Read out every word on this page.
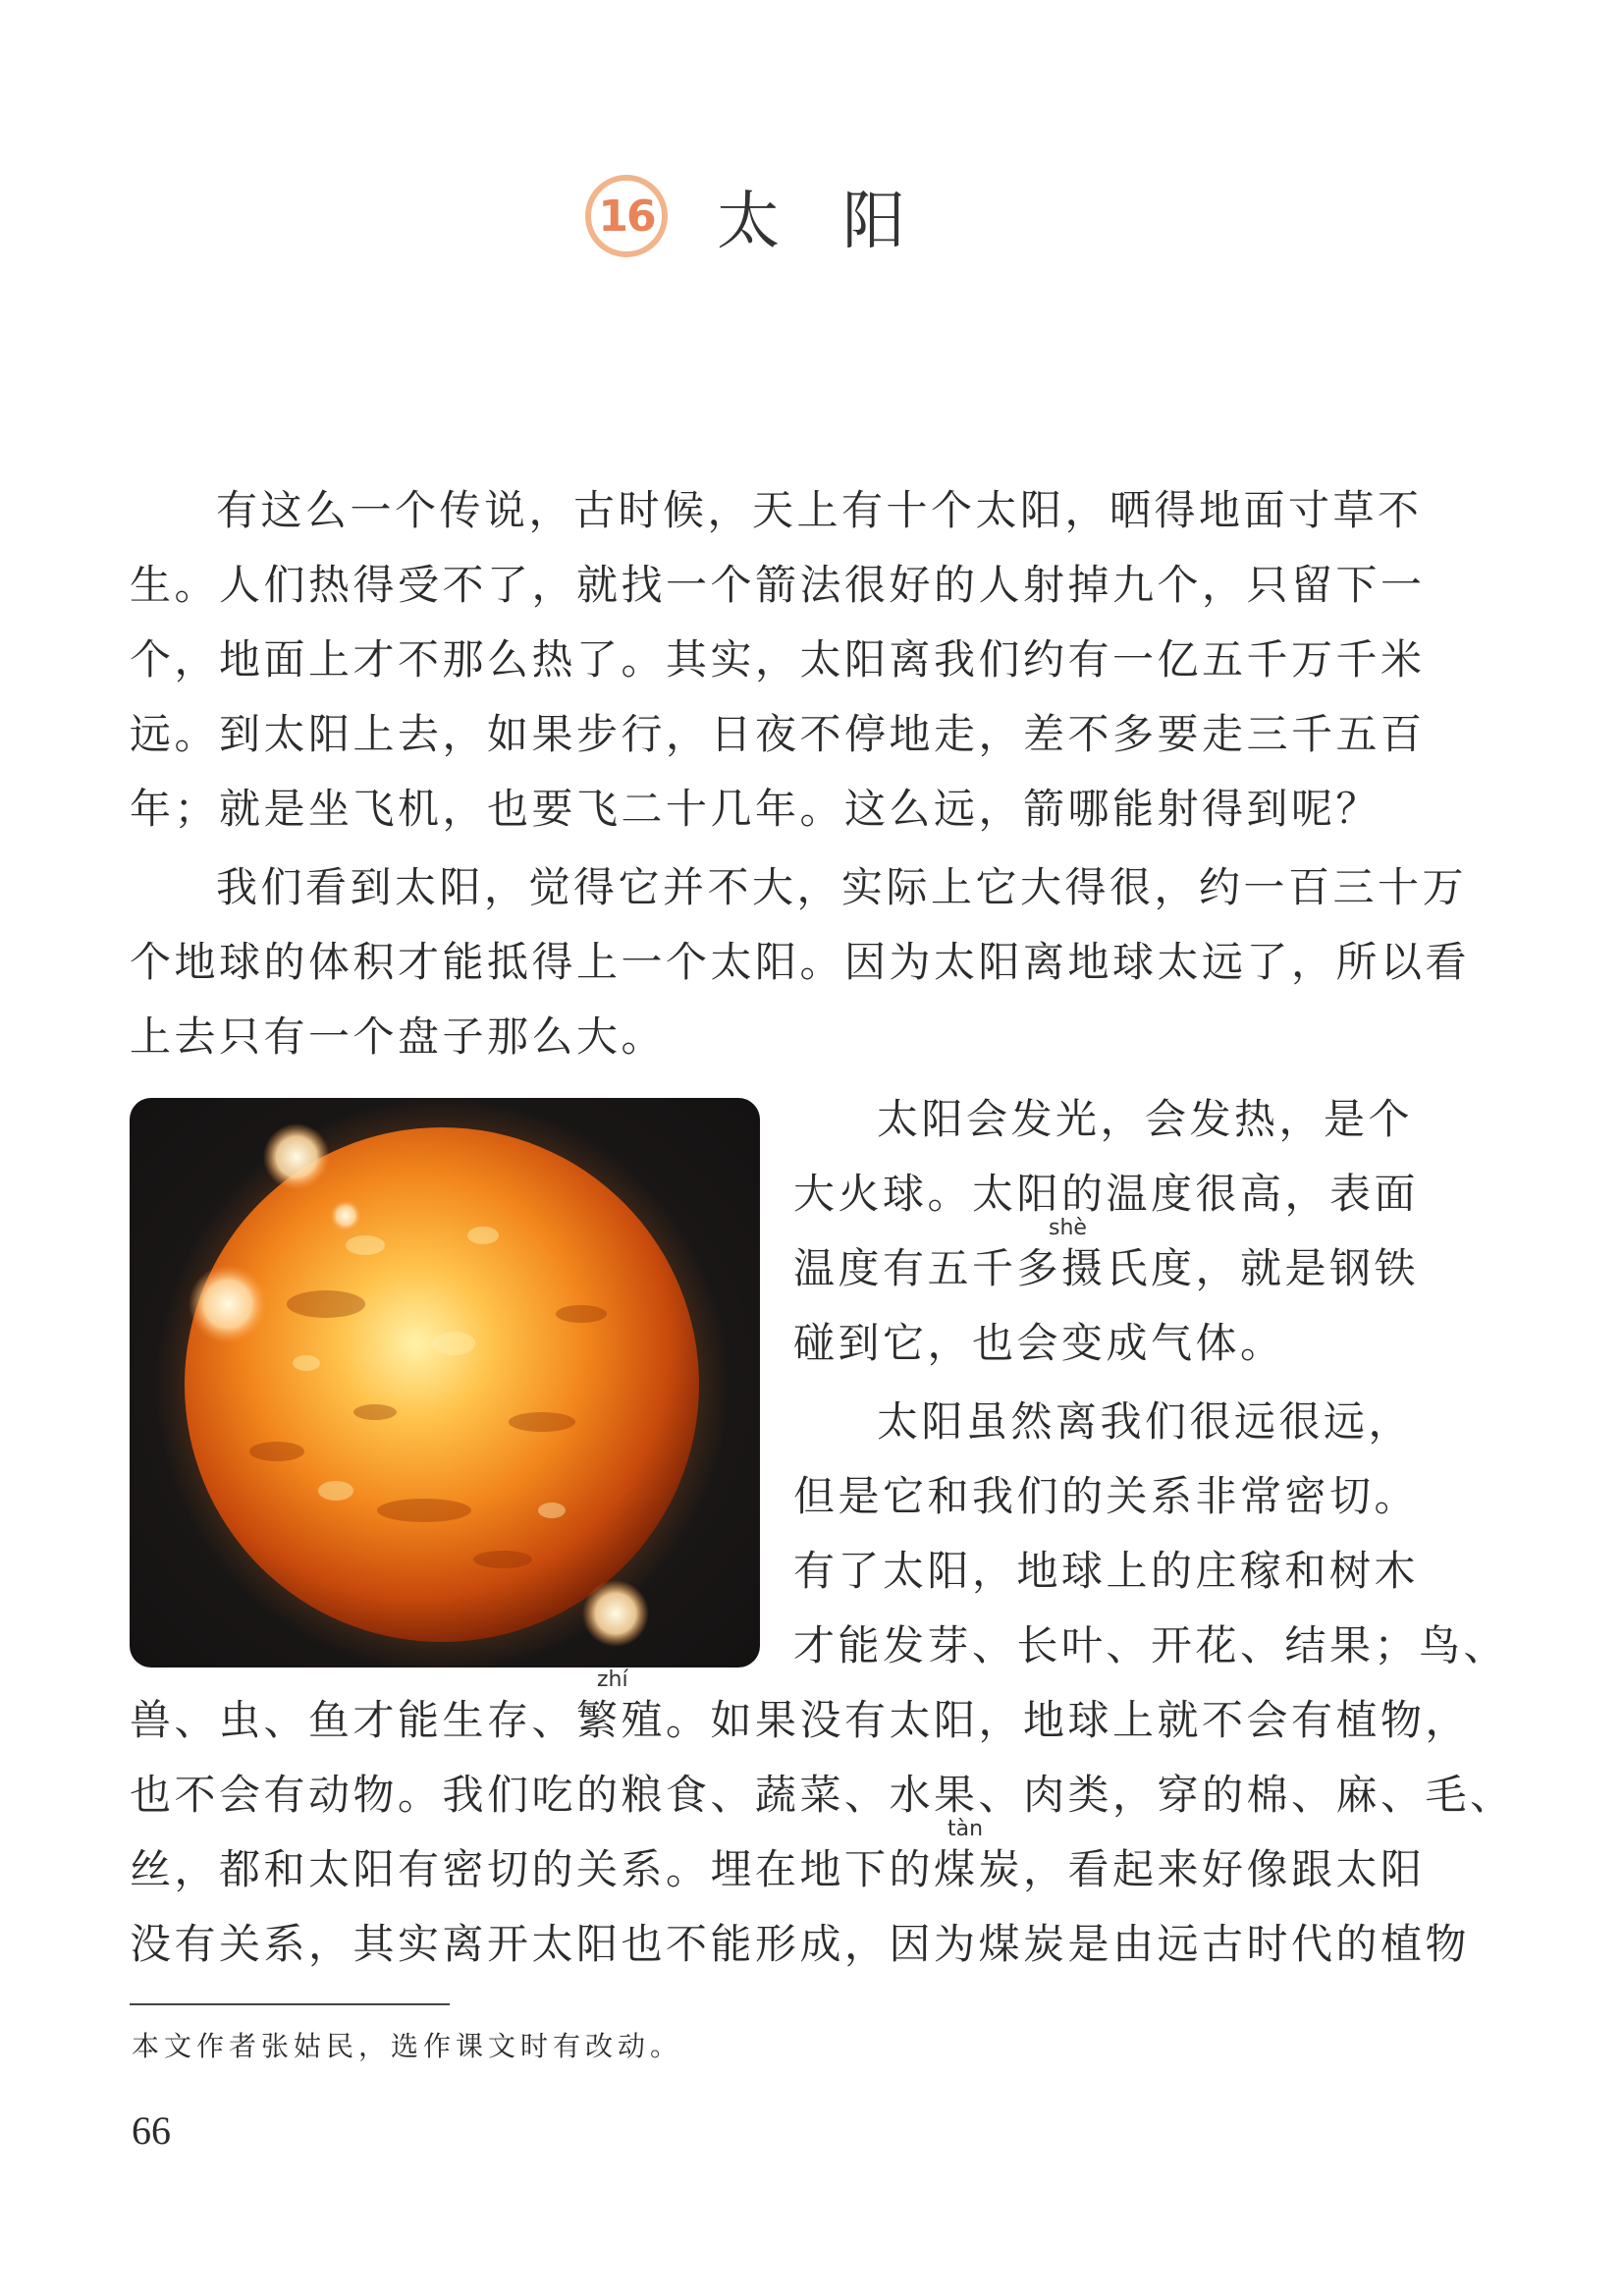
16 太阳
有这么一个传说，古时候，天上有十个太阳，晒得地面寸草不
生。人们热得受不了，就找一个箭法很好的人射掉九个，只留下一
个，地面上才不那么热了。其实，太阳离我们约有一亿五千万千米
远。到太阳上去，如果步行，日夜不停地走，差不多要走三千五百
年；就是坐飞机，也要飞二十几年。这么远，箭哪能射得到呢？
我们看到太阳，觉得它并不大，实际上它大得很，约一百三十万
个地球的体积才能抵得上一个太阳。因为太阳离地球太远了，所以看
上去只有一个盘子那么大。
太阳会发光，会发热，是个
大火球。太阳的温度很高，表面
shè
温度有五千多摄氏度，就是钢铁
碰到它，也会变成气体。
太阳虽然离我们很远很远，
但是它和我们的关系非常密切。
有了太阳，地球上的庄稼和树木
才能发芽、长叶、开花、结果；鸟、
zhí
兽、虫、鱼才能生存、繁殖。如果没有太阳，地球上就不会有植物，
也不会有动物。我们吃的粮食、蔬菜、水果、肉类，穿的棉、麻、毛、
tàn
丝，都和太阳有密切的关系。埋在地下的煤炭，看起来好像跟太阳
没有关系，其实离开太阳也不能形成，因为煤炭是由远古时代的植物
本文作者张姑民，选作课文时有改动。
66
